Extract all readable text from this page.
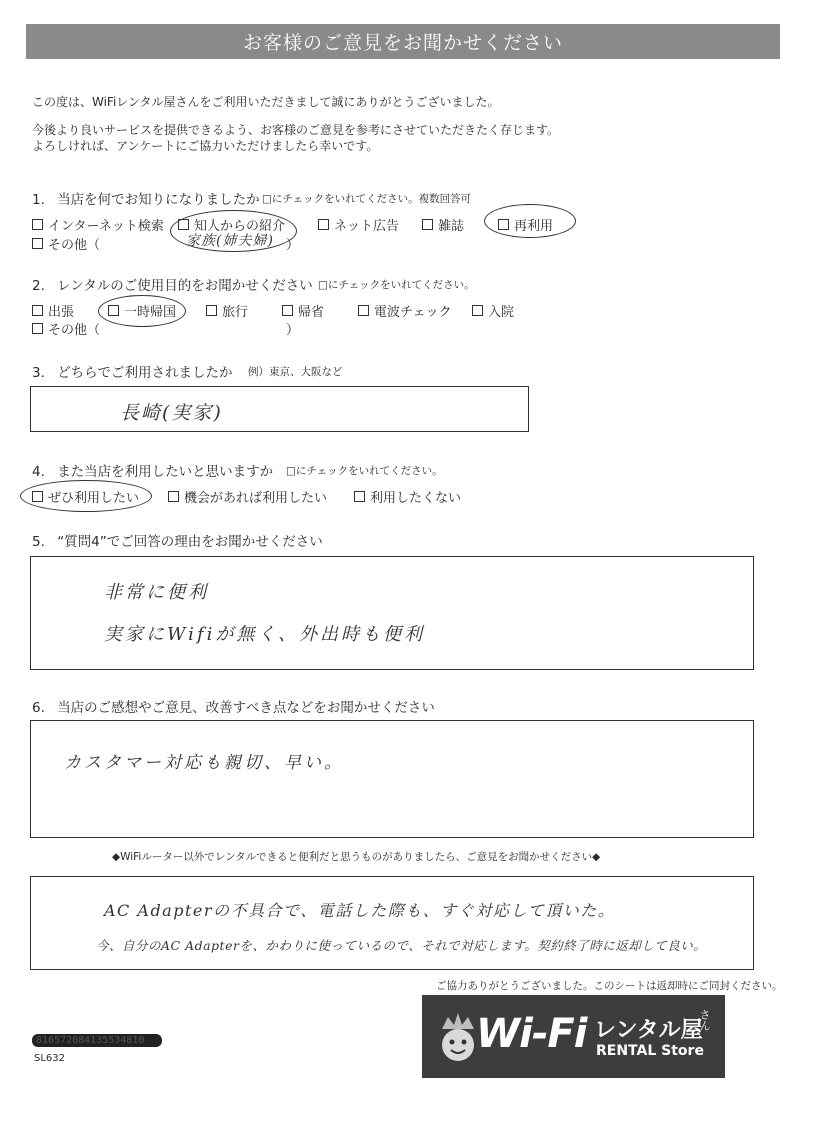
お客様のご意見をお聞かせください
この度は、WiFiレンタル屋さんをご利用いただきまして誠にありがとうございました。
今後より良いサービスを提供できるよう、お客様のご意見を参考にさせていただきたく存じます。
よろしければ、アンケートにご協力いただけましたら幸いです。
1. 当店を何でお知りになりましたか □にチェックをいれてください。複数回答可
インターネット検索 知人からの紹介	ネット広告	雑誌	再利用
その他（	）
家族(姉夫婦)
2. レンタルのご使用目的をお聞かせください □にチェックをいれてください。
出張	一時帰国	旅行	帰省	電波チェック	入院
その他（	）
3. どちらでご利用されましたか 例）東京、大阪など
長崎(実家)
4. また当店を利用したいと思いますか □にチェックをいれてください。
ぜひ利用したい	機会があれば利用したい	利用したくない
5. “質問4”でご回答の理由をお聞かせください
非常に便利
実家にWifiが無く、外出時も便利
6. 当店のご感想やご意見、改善すべき点などをお聞かせください
カスタマー対応も親切、早い。
◆WiFiルーター以外でレンタルできると便利だと思うものがありましたら、ご意見をお聞かせください◆
AC Adapterの不具合で、電話した際も、すぐ対応して頂いた。
今、自分のAC Adapterを、かわりに使っているので、それで対応します。契約終了時に返却して良い。
ご協力ありがとうございました。このシートは返却時にご同封ください。
816572084135534810
SL632
Wi-Fi レンタル屋
さん
RENTAL Store
